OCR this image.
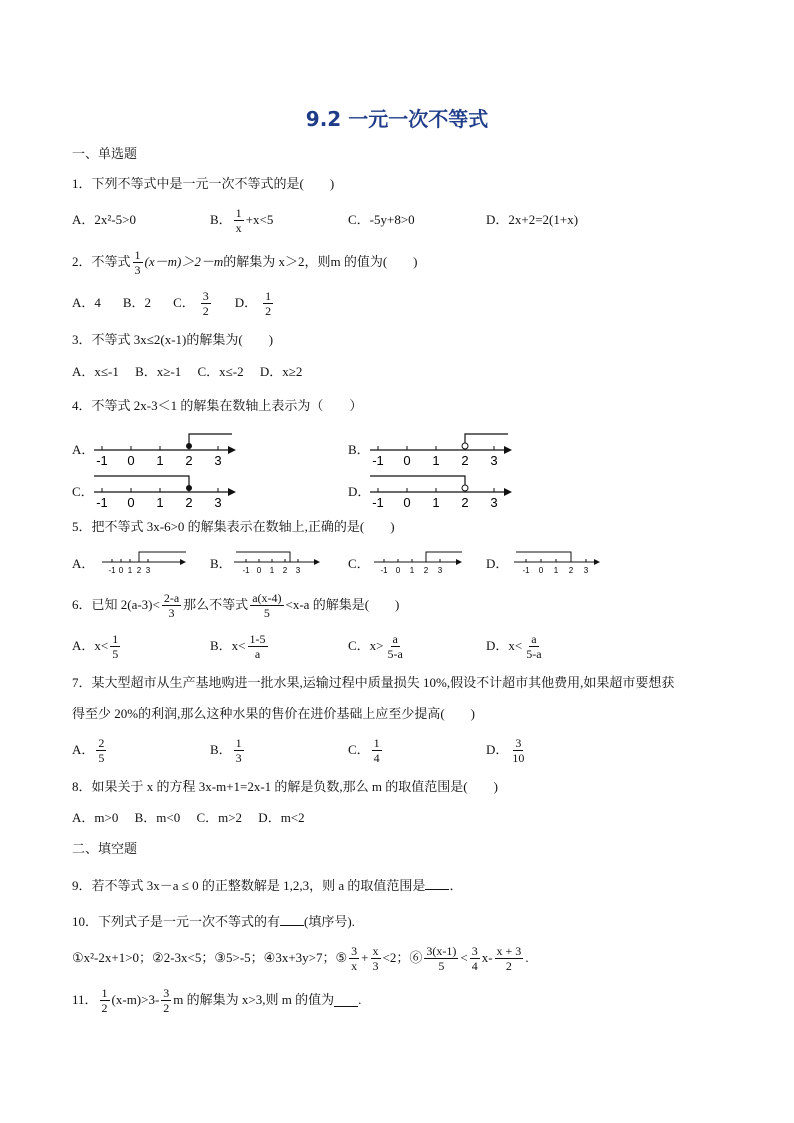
9.2 一元一次不等式
一、单选题
1．下列不等式中是一元一次不等式的是(　　)
A．2x²-5>0	B． $\frac{1}{x} +x<5$	C．-5y+8>0	D．2x+2=2(1+x)
2．不等式 $\frac{1}{3} (x-m)>2-m$ 的解集为 x＞2，则m 的值为(　　)
A．4 B．2 C． $\frac{3}{2}$ D． $\frac{1}{2}$
3．不等式 3x≤2(x-1)的解集为(　　)
A．x≤-1　 B．x≥-1　 C．x≤-2　 D．x≥2
4．不等式 2x-3＜1 的解集在数轴上表示为（　　）
A．	B．
C．	D．
-1 0 1 2 3	-1 0 1 2 3
-1 0 1 2 3	-1 0 1 2 3
5．把不等式 3x-6>0 的解集表示在数轴上,正确的是(　　)
A．	B．	C．	D．
-1 0 1 2 3	-1 0 1 2 3	-1 0 1 2 3	-1 0 1 2 3
6．已知 $2(a-3)< \frac{2-a}{3}$ 那么不等式 $\frac{a(x-4)}{5} <x-a$ 的解集是(　　)
A．$x< \frac{1}{5}$	B．$x< \frac{1-5}{a}$	C．$x> \frac{a}{5-a}$	D．$x< \frac{a}{5-a}$
7．某大型超市从生产基地购进一批水果,运输过程中质量损失 10%,假设不计超市其他费用,如果超市要想获
得至少 20%的利润,那么这种水果的售价在进价基础上应至少提高(　　)
A． $\frac{2}{5}$	B． $\frac{1}{3}$	C． $\frac{1}{4}$	D． $\frac{3}{10}$
8．如果关于 x 的方程 3x-m+1=2x-1 的解是负数,那么 m 的取值范围是(　　)
A．m>0　 B．m<0　 C．m>2　 D．m<2
二、填空题
9．若不等式 3x－a ≤ 0 的正整数解是 1,2,3，则 a 的取值范围是 ．
10．下列式子是一元一次不等式的有 (填序号).
①x²-2x+1>0；②2-3x<5；③5>-5；④3x+3y>7；⑤ $\frac{3}{x} + \frac{x}{3} <2$；⑥ $\frac{3(x-1)}{5} < \frac{3}{4} x- \frac{x + 3}{2}$ .
11． $\frac{1}{2} (x-m)>3- \frac{3}{2}$ m 的解集为 x>3,则 m 的值为 .
